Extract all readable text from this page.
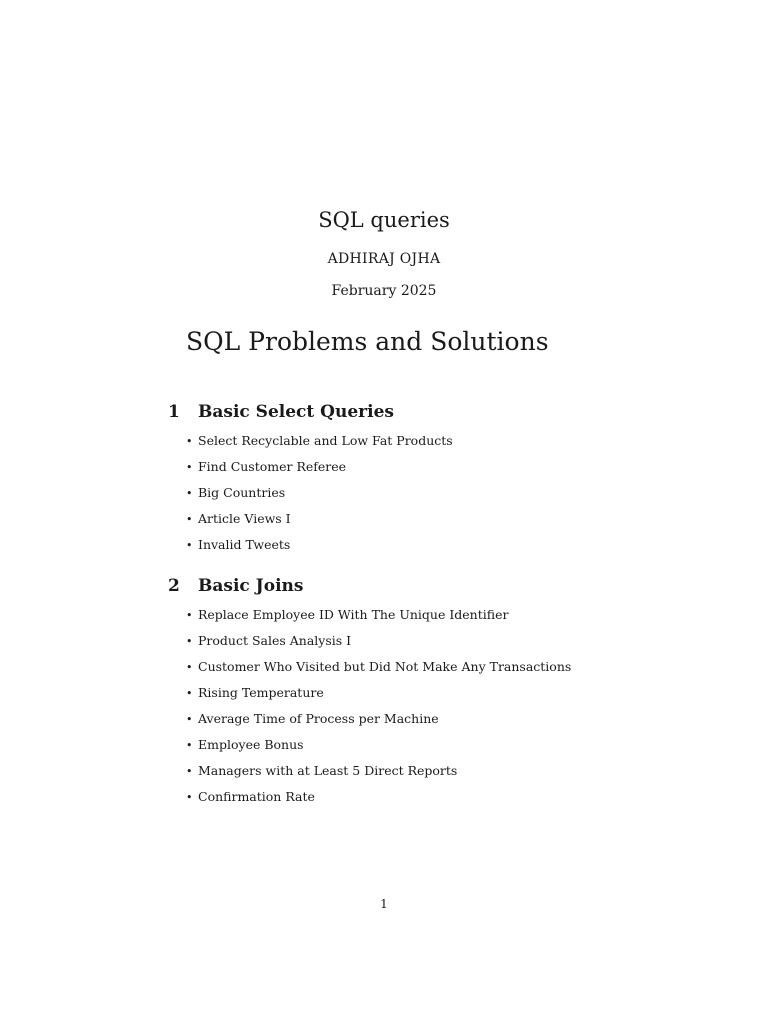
SQL queries
ADHIRAJ OJHA
February 2025
SQL Problems and Solutions
1	Basic Select Queries
• Select Recyclable and Low Fat Products
• Find Customer Referee
• Big Countries
• Article Views I
• Invalid Tweets
2	Basic Joins
• Replace Employee ID With The Unique Identifier
• Product Sales Analysis I
• Customer Who Visited but Did Not Make Any Transactions
• Rising Temperature
• Average Time of Process per Machine
• Employee Bonus
• Managers with at Least 5 Direct Reports
• Confirmation Rate
1
